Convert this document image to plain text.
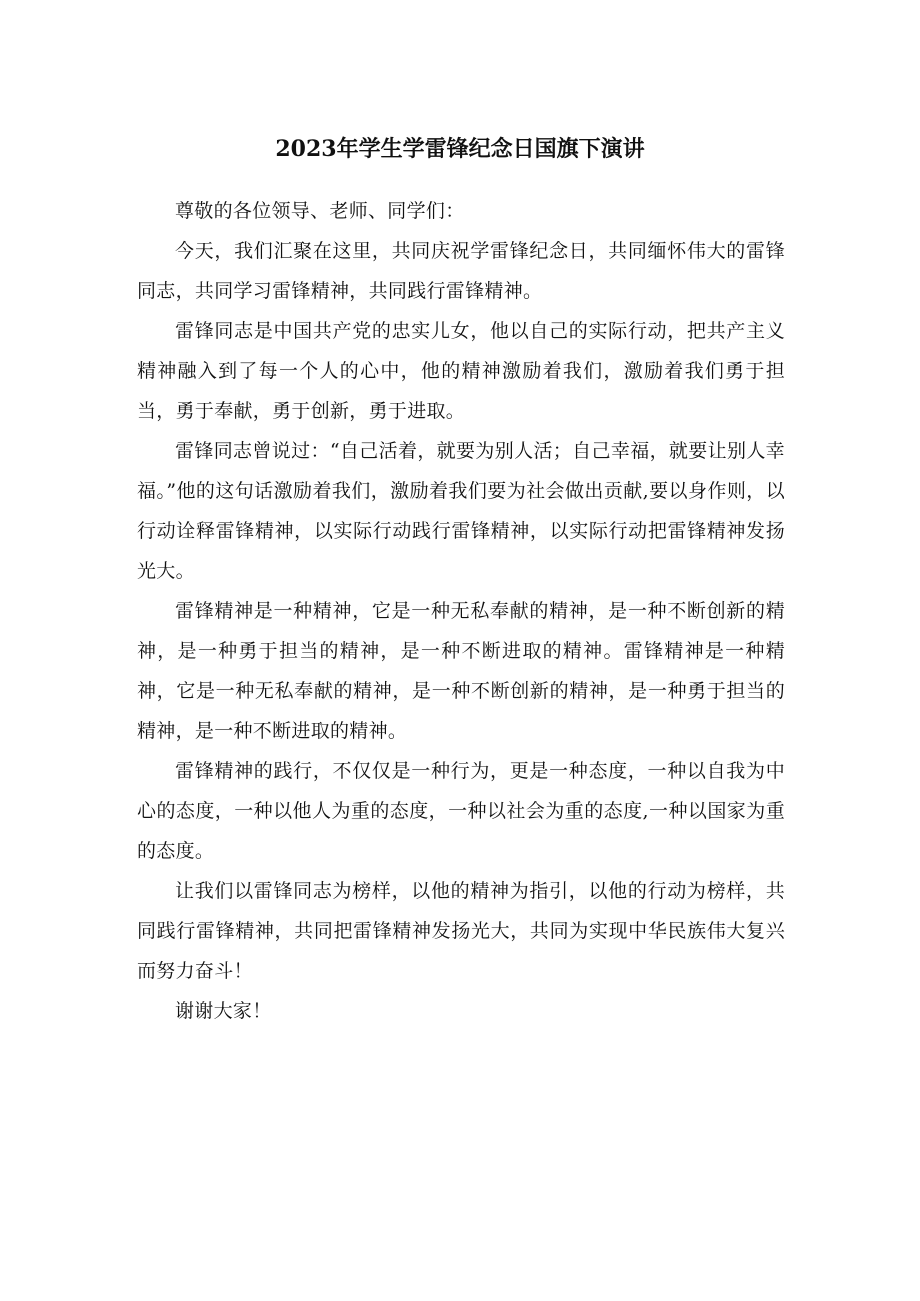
2023年学生学雷锋纪念日国旗下演讲

尊敬的各位领导、老师、同学们：

今天，我们汇聚在这里，共同庆祝学雷锋纪念日，共同缅怀伟大的雷锋同志，共同学习雷锋精神，共同践行雷锋精神。

雷锋同志是中国共产党的忠实儿女，他以自己的实际行动，把共产主义精神融入到了每一个人的心中，他的精神激励着我们，激励着我们勇于担当，勇于奉献，勇于创新，勇于进取。

雷锋同志曾说过：“自己活着，就要为别人活；自己幸福，就要让别人幸福。”他的这句话激励着我们，激励着我们要为社会做出贡献,要以身作则，以行动诠释雷锋精神，以实际行动践行雷锋精神，以实际行动把雷锋精神发扬光大。

雷锋精神是一种精神，它是一种无私奉献的精神，是一种不断创新的精神，是一种勇于担当的精神，是一种不断进取的精神。雷锋精神是一种精神，它是一种无私奉献的精神，是一种不断创新的精神，是一种勇于担当的精神，是一种不断进取的精神。

雷锋精神的践行，不仅仅是一种行为，更是一种态度，一种以自我为中心的态度，一种以他人为重的态度，一种以社会为重的态度,一种以国家为重的态度。

让我们以雷锋同志为榜样，以他的精神为指引，以他的行动为榜样，共同践行雷锋精神，共同把雷锋精神发扬光大，共同为实现中华民族伟大复兴而努力奋斗！

谢谢大家！
